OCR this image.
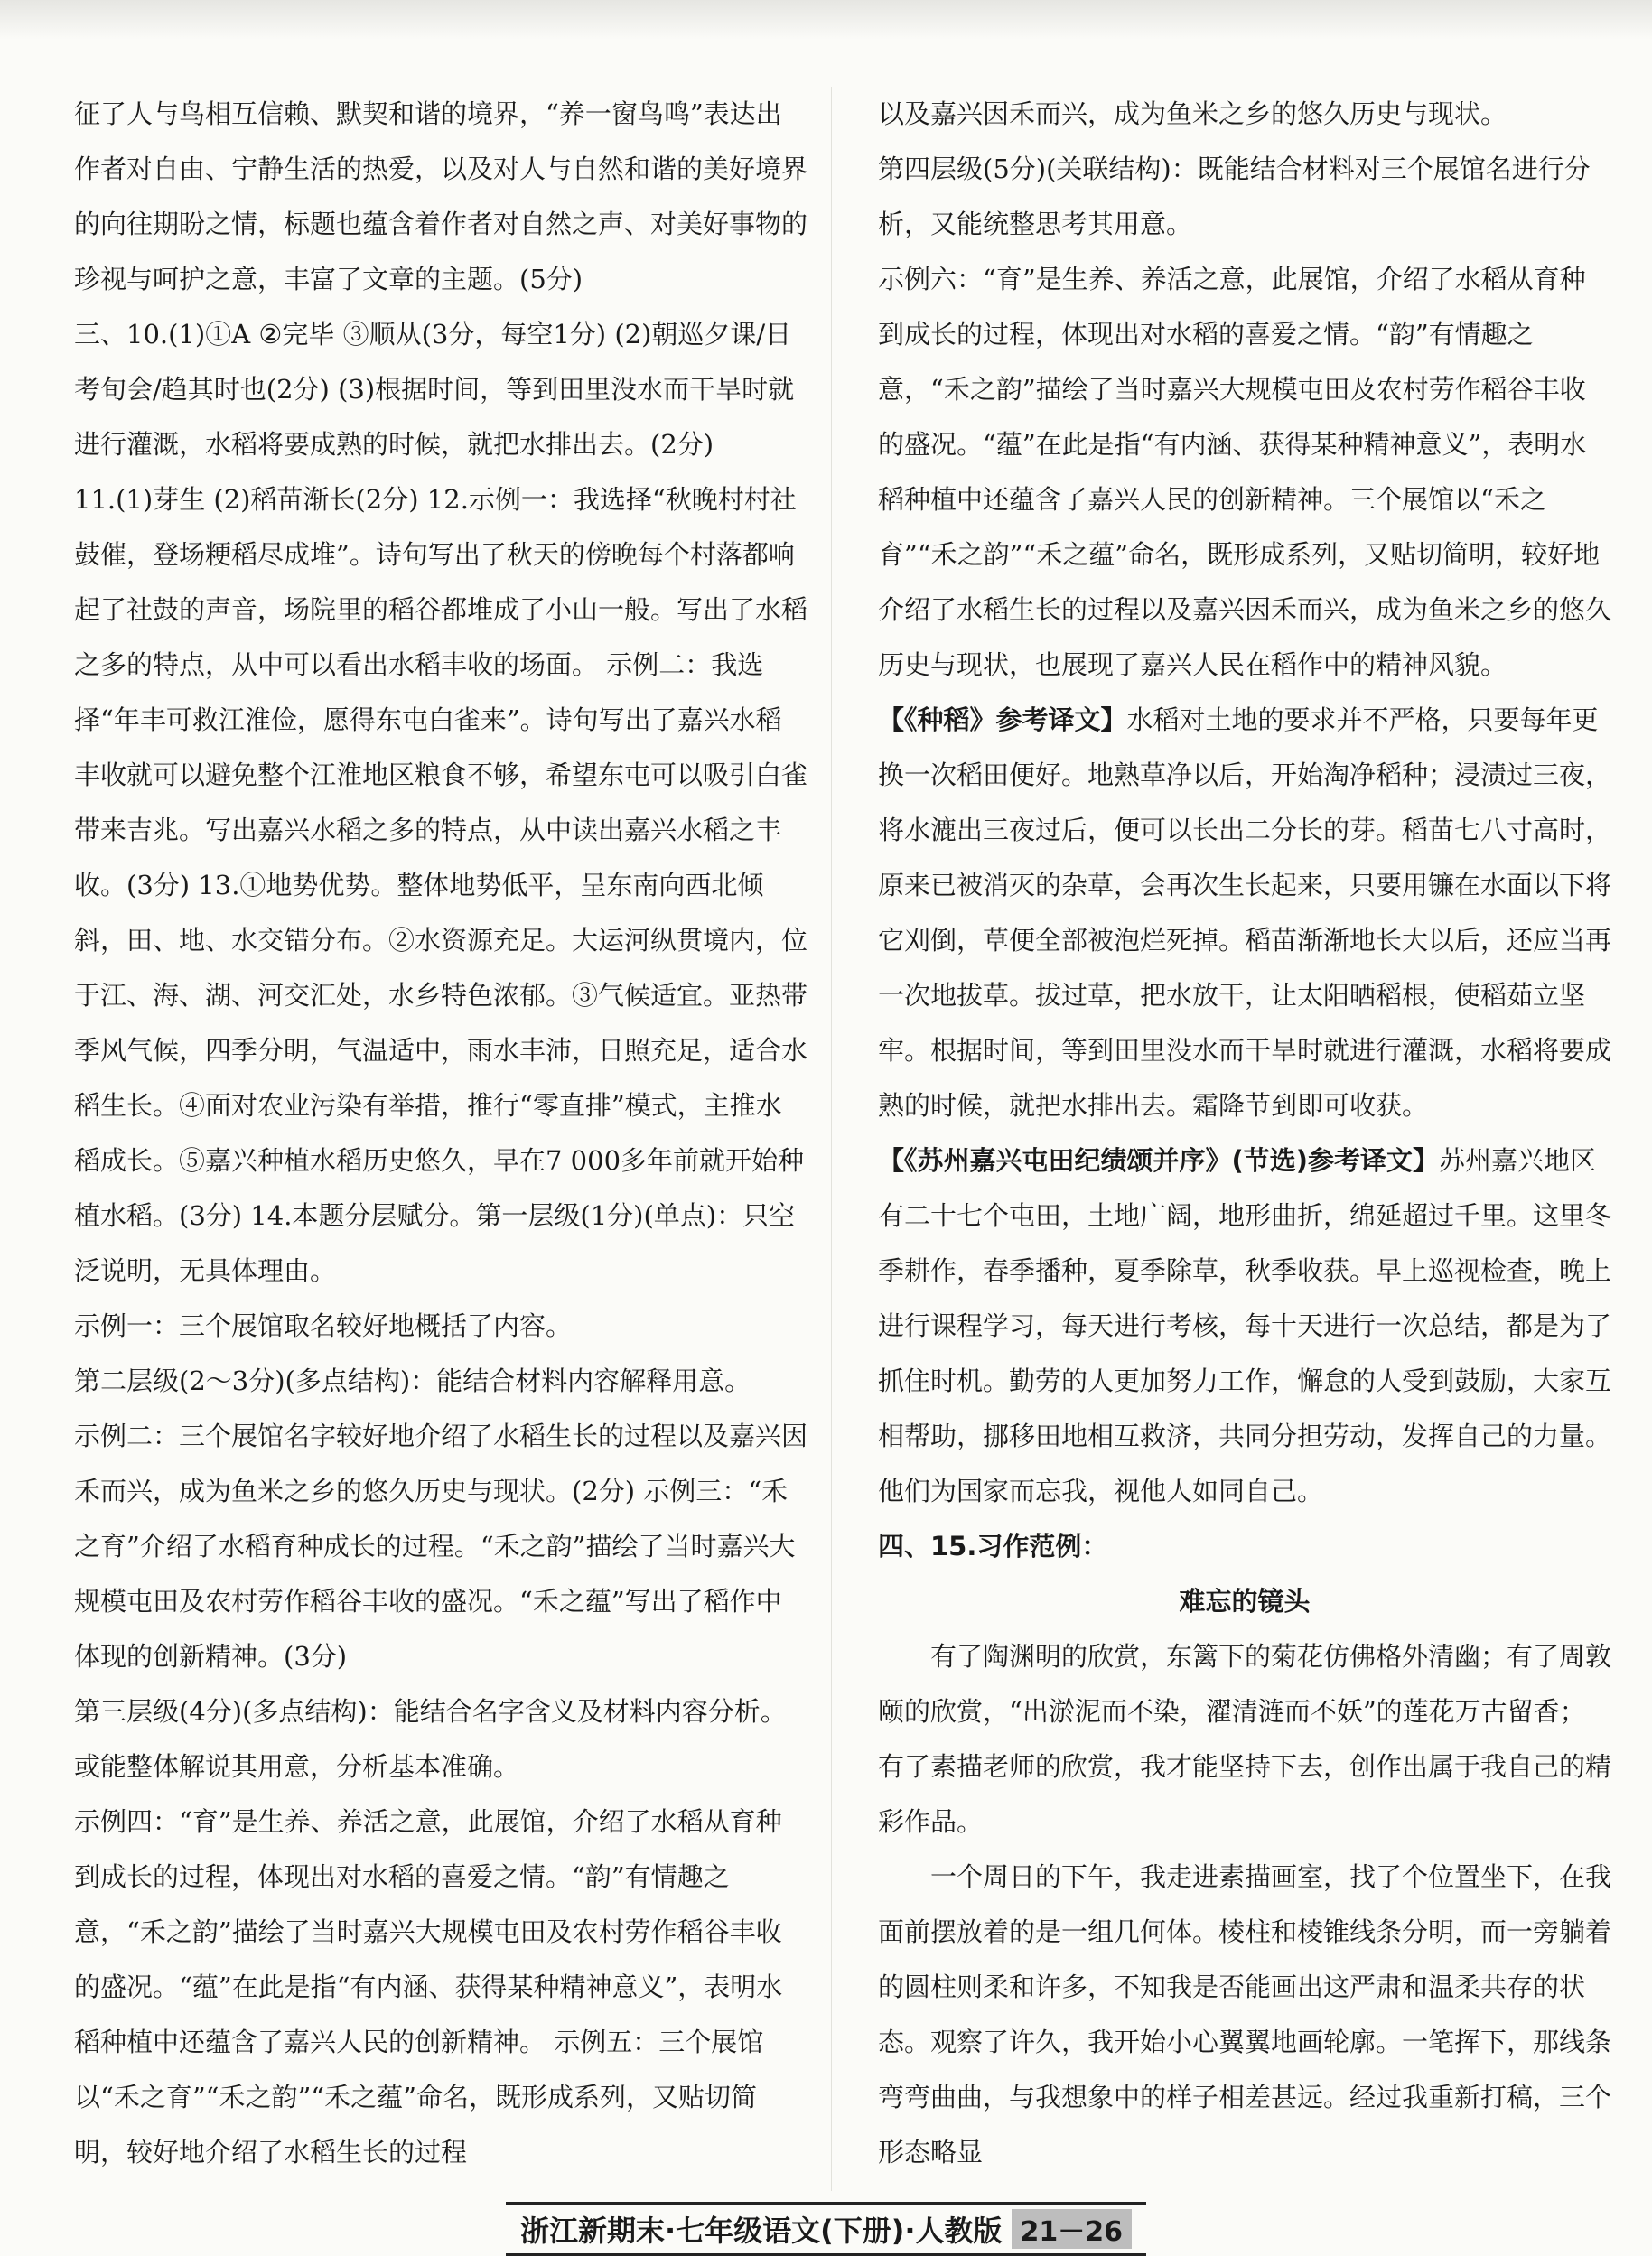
征了人与鸟相互信赖、默契和谐的境界，“养一窗鸟鸣”表达出作者对自由、宁静生活的热爱，以及对人与自然和谐的美好境界的向往期盼之情，标题也蕴含着作者对自然之声、对美好事物的珍视与呵护之意，丰富了文章的主题。(5分)

三、10.(1)①A ②完毕 ③顺从(3分，每空1分) (2)朝巡夕课/日考旬会/趋其时也(2分) (3)根据时间，等到田里没水而干旱时就进行灌溉，水稻将要成熟的时候，就把水排出去。(2分)

11.(1)芽生 (2)稻苗渐长(2分) 12.示例一：我选择“秋晚村村社鼓催，登场粳稻尽成堆”。诗句写出了秋天的傍晚每个村落都响起了社鼓的声音，场院里的稻谷都堆成了小山一般。写出了水稻之多的特点，从中可以看出水稻丰收的场面。 示例二：我选择“年丰可救江淮俭，愿得东屯白雀来”。诗句写出了嘉兴水稻丰收就可以避免整个江淮地区粮食不够，希望东屯可以吸引白雀带来吉兆。写出嘉兴水稻之多的特点，从中读出嘉兴水稻之丰收。(3分) 13.①地势优势。整体地势低平，呈东南向西北倾斜，田、地、水交错分布。②水资源充足。大运河纵贯境内，位于江、海、湖、河交汇处，水乡特色浓郁。③气候适宜。亚热带季风气候，四季分明，气温适中，雨水丰沛，日照充足，适合水稻生长。④面对农业污染有举措，推行“零直排”模式，主推水稻成长。⑤嘉兴种植水稻历史悠久，早在7 000多年前就开始种植水稻。(3分) 14.本题分层赋分。第一层级(1分)(单点)：只空泛说明，无具体理由。

示例一：三个展馆取名较好地概括了内容。

第二层级(2～3分)(多点结构)：能结合材料内容解释用意。

示例二：三个展馆名字较好地介绍了水稻生长的过程以及嘉兴因禾而兴，成为鱼米之乡的悠久历史与现状。(2分) 示例三：“禾之育”介绍了水稻育种成长的过程。“禾之韵”描绘了当时嘉兴大规模屯田及农村劳作稻谷丰收的盛况。“禾之蕴”写出了稻作中体现的创新精神。(3分)

第三层级(4分)(多点结构)：能结合名字含义及材料内容分析。或能整体解说其用意，分析基本准确。

示例四：“育”是生养、养活之意，此展馆，介绍了水稻从育种到成长的过程，体现出对水稻的喜爱之情。“韵”有情趣之意，“禾之韵”描绘了当时嘉兴大规模屯田及农村劳作稻谷丰收的盛况。“蕴”在此是指“有内涵、获得某种精神意义”，表明水稻种植中还蕴含了嘉兴人民的创新精神。 示例五：三个展馆以“禾之育”“禾之韵”“禾之蕴”命名，既形成系列，又贴切简明，较好地介绍了水稻生长的过程

以及嘉兴因禾而兴，成为鱼米之乡的悠久历史与现状。

第四层级(5分)(关联结构)：既能结合材料对三个展馆名进行分析，又能统整思考其用意。

示例六：“育”是生养、养活之意，此展馆，介绍了水稻从育种到成长的过程，体现出对水稻的喜爱之情。“韵”有情趣之意，“禾之韵”描绘了当时嘉兴大规模屯田及农村劳作稻谷丰收的盛况。“蕴”在此是指“有内涵、获得某种精神意义”，表明水稻种植中还蕴含了嘉兴人民的创新精神。三个展馆以“禾之育”“禾之韵”“禾之蕴”命名，既形成系列，又贴切简明，较好地介绍了水稻生长的过程以及嘉兴因禾而兴，成为鱼米之乡的悠久历史与现状，也展现了嘉兴人民在稻作中的精神风貌。

【《种稻》参考译文】水稻对土地的要求并不严格，只要每年更换一次稻田便好。地熟草净以后，开始淘净稻种；浸渍过三夜，将水漉出三夜过后，便可以长出二分长的芽。稻苗七八寸高时，原来已被消灭的杂草，会再次生长起来，只要用镰在水面以下将它刈倒，草便全部被泡烂死掉。稻苗渐渐地长大以后，还应当再一次地拔草。拔过草，把水放干，让太阳晒稻根，使稻茹立坚牢。根据时间，等到田里没水而干旱时就进行灌溉，水稻将要成熟的时候，就把水排出去。霜降节到即可收获。

【《苏州嘉兴屯田纪绩颂并序》(节选)参考译文】苏州嘉兴地区有二十七个屯田，土地广阔，地形曲折，绵延超过千里。这里冬季耕作，春季播种，夏季除草，秋季收获。早上巡视检查，晚上进行课程学习，每天进行考核，每十天进行一次总结，都是为了抓住时机。勤劳的人更加努力工作，懈怠的人受到鼓励，大家互相帮助，挪移田地相互救济，共同分担劳动，发挥自己的力量。他们为国家而忘我，视他人如同自己。

四、15.习作范例：

难忘的镜头

有了陶渊明的欣赏，东篱下的菊花仿佛格外清幽；有了周敦颐的欣赏，“出淤泥而不染，濯清涟而不妖”的莲花万古留香；有了素描老师的欣赏，我才能坚持下去，创作出属于我自己的精彩作品。

一个周日的下午，我走进素描画室，找了个位置坐下，在我面前摆放着的是一组几何体。棱柱和棱锥线条分明，而一旁躺着的圆柱则柔和许多，不知我是否能画出这严肃和温柔共存的状态。观察了许久，我开始小心翼翼地画轮廓。一笔挥下，那线条弯弯曲曲，与我想象中的样子相差甚远。经过我重新打稿，三个形态略显

浙江新期末·七年级语文(下册)·人教版 21－26
